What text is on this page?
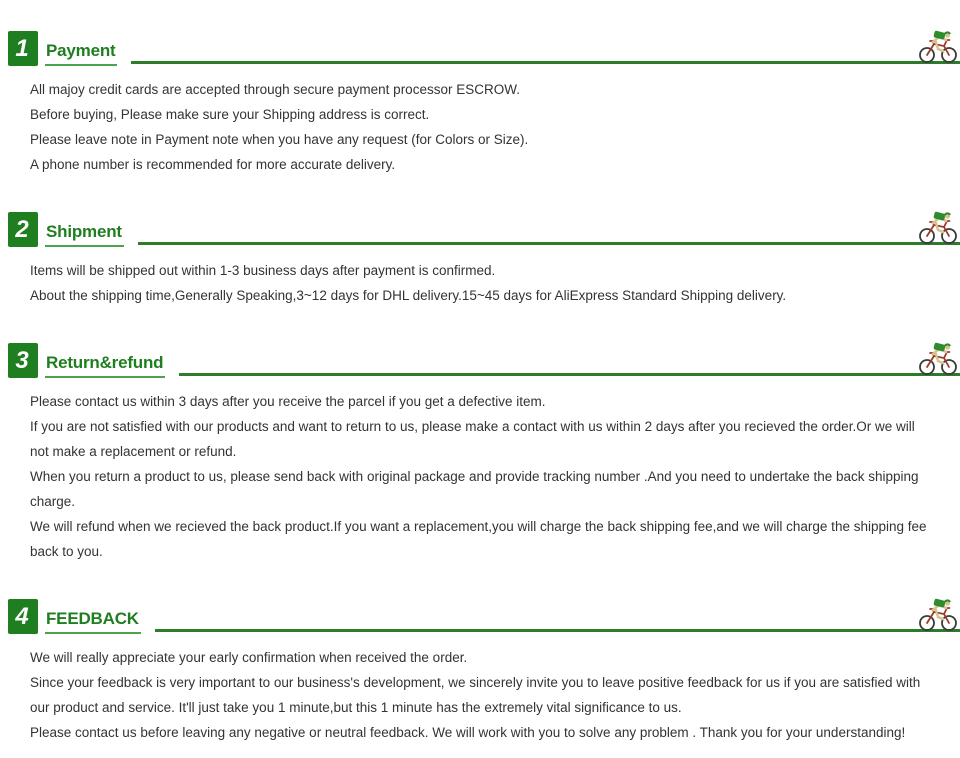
1 Payment

All majoy credit cards are accepted through secure payment processor ESCROW.

Before buying, Please make sure your Shipping address is correct.

Please leave note in Payment note when you have any request (for Colors or Size).

A phone number is recommended for more accurate delivery.

2 Shipment

Items will be shipped out within 1-3 business days after payment is confirmed.

About the shipping time,Generally Speaking,3~12 days for DHL delivery.15~45 days for AliExpress Standard Shipping delivery.

3 Return&refund

Please contact us within 3 days after you receive the parcel if you get a defective item.

If you are not satisfied with our products and want to return to us, please make a contact with us within 2 days after you recieved the order.Or we will not make a replacement or refund.

When you return a product to us, please send back with original package and provide tracking number .And you need to undertake the back shipping charge.

We will refund when we recieved the back product.If you want a replacement,you will charge the back shipping fee,and we will charge the shipping fee back to you.

4 FEEDBACK

We will really appreciate your early confirmation when received the order.

Since your feedback is very important to our business's development, we sincerely invite you to leave positive feedback for us if you are satisfied with our product and service. It'll just take you 1 minute,but this 1 minute has the extremely vital significance to us.

Please contact us before leaving any negative or neutral feedback. We will work with you to solve any problem . Thank you for your understanding!
